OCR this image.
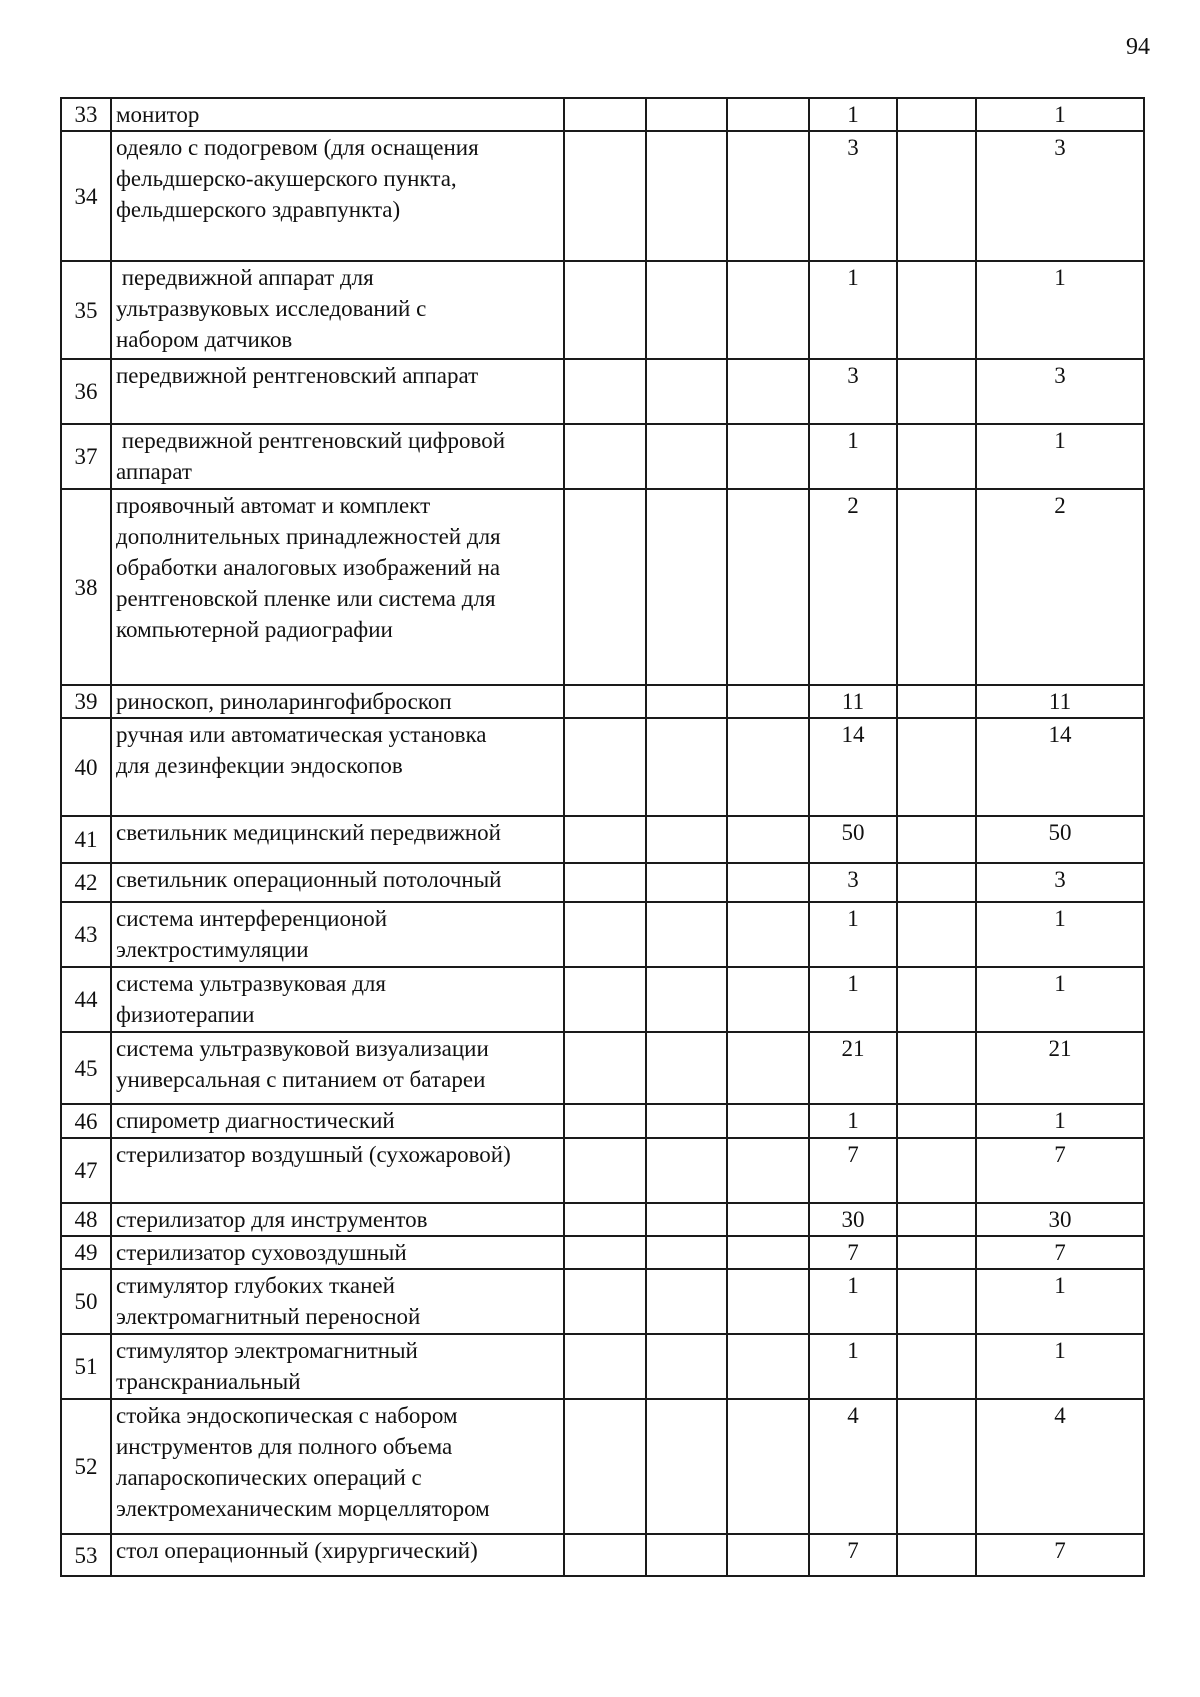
94
33	монитор				1		1
34	одеяло с подогревом (для оснащения
фельдшерско-акушерского пункта,
фельдшерского здравпункта)				3		3
35	передвижной аппарат для
ультразвуковых исследований с
набором датчиков				1		1
36	передвижной рентгеновский аппарат				3		3
37	передвижной рентгеновский цифровой
аппарат				1		1
38	проявочный автомат и комплект
дополнительных принадлежностей для
обработки аналоговых изображений на
рентгеновской пленке или система для
компьютерной радиографии				2		2
39	риноскоп, риноларингофиброскоп				11		11
40	ручная или автоматическая установка
для дезинфекции эндоскопов				14		14
41	светильник медицинский передвижной				50		50
42	светильник операционный потолочный				3		3
43	система интерференционой
электростимуляции				1		1
44	система ультразвуковая для
физиотерапии				1		1
45	система ультразвуковой визуализации
универсальная с питанием от батареи				21		21
46	спирометр диагностический				1		1
47	стерилизатор воздушный (сухожаровой)				7		7
48	стерилизатор для инструментов				30		30
49	стерилизатор суховоздушный				7		7
50	стимулятор глубоких тканей
электромагнитный переносной				1		1
51	стимулятор электромагнитный
транскраниальный				1		1
52	стойка эндоскопическая с набором
инструментов для полного объема
лапароскопических операций с
электромеханическим морцеллятором				4		4
53	стол операционный (хирургический)				7		7
